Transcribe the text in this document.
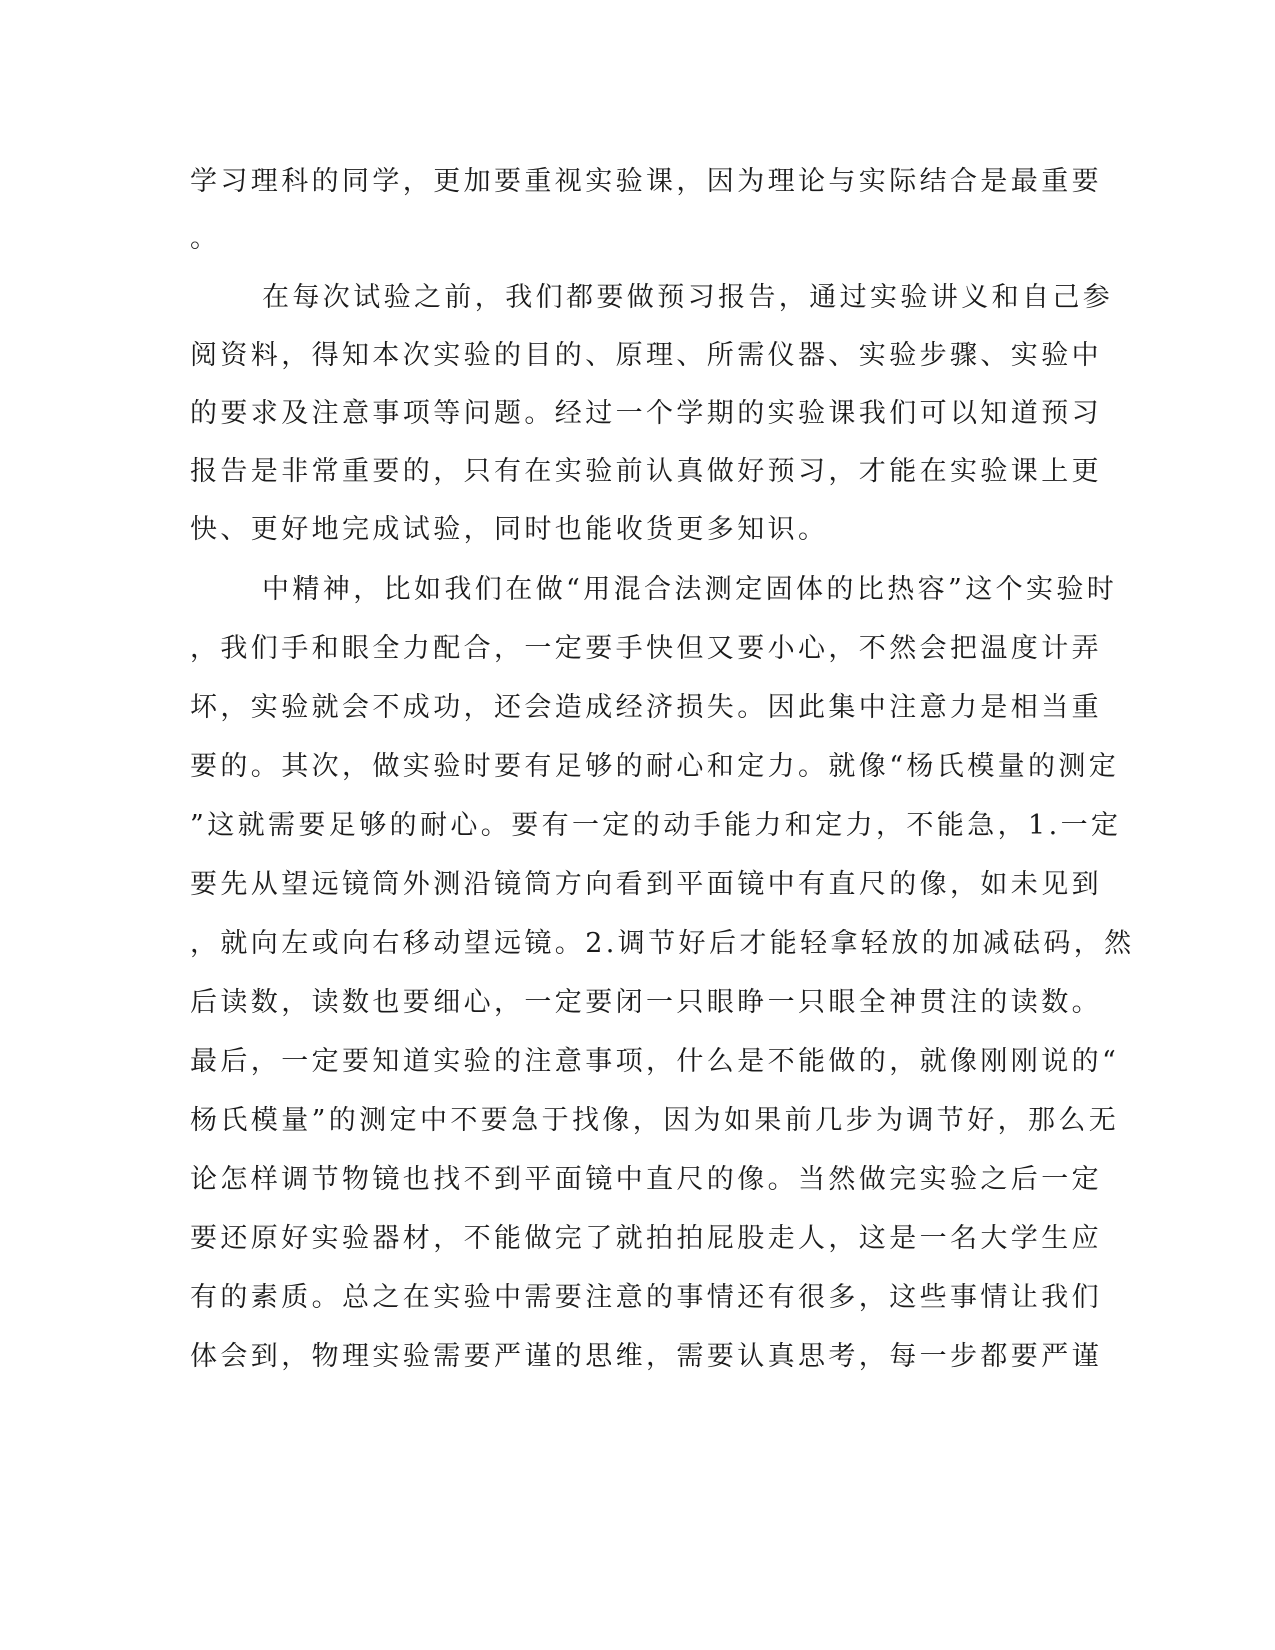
学习理科的同学，更加要重视实验课，因为理论与实际结合是最重要
。
在每次试验之前，我们都要做预习报告，通过实验讲义和自己参
阅资料，得知本次实验的目的、原理、所需仪器、实验步骤、实验中
的要求及注意事项等问题。经过一个学期的实验课我们可以知道预习
报告是非常重要的，只有在实验前认真做好预习，才能在实验课上更
快、更好地完成试验，同时也能收货更多知识。
中精神，比如我们在做“用混合法测定固体的比热容”这个实验时
，我们手和眼全力配合，一定要手快但又要小心，不然会把温度计弄
坏，实验就会不成功，还会造成经济损失。因此集中注意力是相当重
要的。其次，做实验时要有足够的耐心和定力。就像“杨氏模量的测定
”这就需要足够的耐心。要有一定的动手能力和定力，不能急，1.一定
要先从望远镜筒外测沿镜筒方向看到平面镜中有直尺的像，如未见到
，就向左或向右移动望远镜。2.调节好后才能轻拿轻放的加减砝码，然
后读数，读数也要细心，一定要闭一只眼睁一只眼全神贯注的读数。
最后，一定要知道实验的注意事项，什么是不能做的，就像刚刚说的“
杨氏模量”的测定中不要急于找像，因为如果前几步为调节好，那么无
论怎样调节物镜也找不到平面镜中直尺的像。当然做完实验之后一定
要还原好实验器材，不能做完了就拍拍屁股走人，这是一名大学生应
有的素质。总之在实验中需要注意的事情还有很多，这些事情让我们
体会到，物理实验需要严谨的思维，需要认真思考，每一步都要严谨
